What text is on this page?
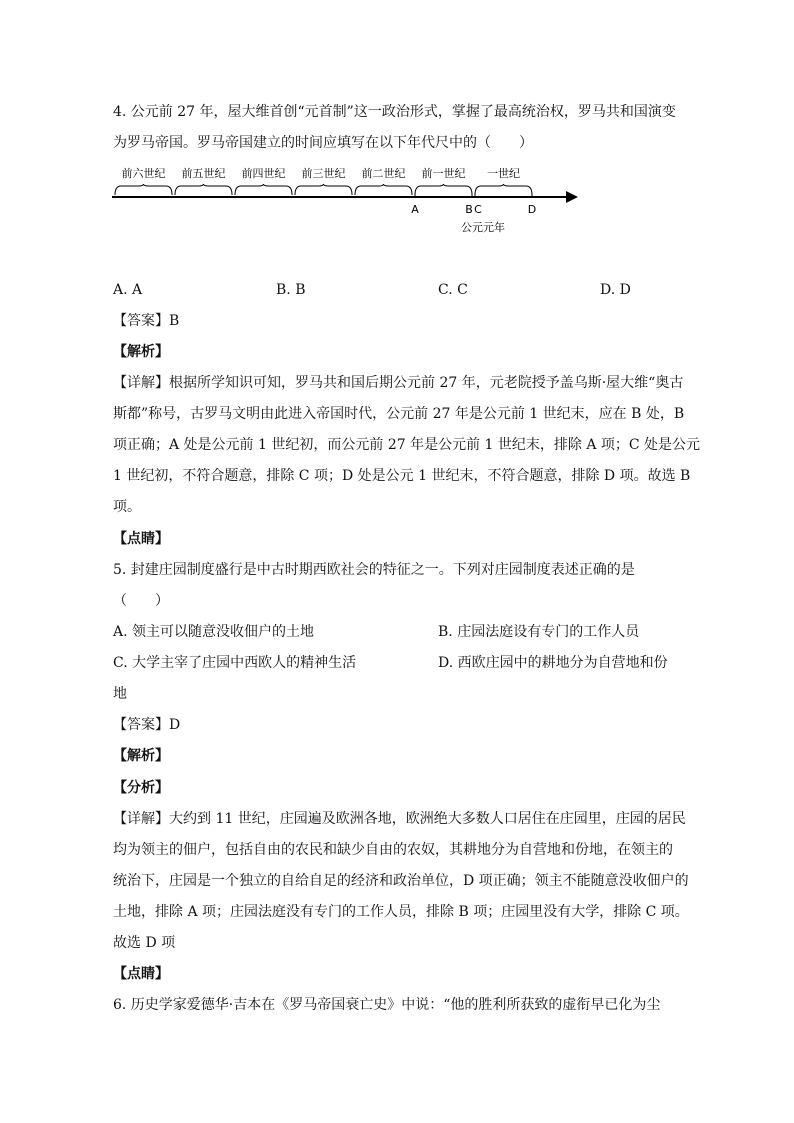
4. 公元前 27 年，屋大维首创“元首制”这一政治形式，掌握了最高统治权，罗马共和国演变
为罗马帝国。罗马帝国建立的时间应填写在以下年代尺中的（　　）
前六世纪 前五世纪 前四世纪 前三世纪 前二世纪 前一世纪 一世纪
A	B C	D
公元元年
A. A	B. B	C. C	D. D
【答案】B
【解析】
【详解】根据所学知识可知，罗马共和国后期公元前 27 年，元老院授予盖乌斯·屋大维“奥古
斯都”称号，古罗马文明由此进入帝国时代，公元前 27 年是公元前 1 世纪末，应在 B 处，B
项正确；A 处是公元前 1 世纪初，而公元前 27 年是公元前 1 世纪末，排除 A 项；C 处是公元
1 世纪初，不符合题意，排除 C 项；D 处是公元 1 世纪末，不符合题意，排除 D 项。故选 B
项。
【点睛】
5. 封建庄园制度盛行是中古时期西欧社会的特征之一。下列对庄园制度表述正确的是
（　　）
A. 领主可以随意没收佃户的土地	B. 庄园法庭设有专门的工作人员
C. 大学主宰了庄园中西欧人的精神生活	D. 西欧庄园中的耕地分为自营地和份
地
【答案】D
【解析】
【分析】
【详解】大约到 11 世纪，庄园遍及欧洲各地，欧洲绝大多数人口居住在庄园里，庄园的居民
均为领主的佃户，包括自由的农民和缺少自由的农奴，其耕地分为自营地和份地，在领主的
统治下，庄园是一个独立的自给自足的经济和政治单位，D 项正确；领主不能随意没收佃户的
土地，排除 A 项；庄园法庭没有专门的工作人员，排除 B 项；庄园里没有大学，排除 C 项。
故选 D 项
【点睛】
6. 历史学家爱德华·吉本在《罗马帝国衰亡史》中说：“他的胜利所获致的虚衔早已化为尘
